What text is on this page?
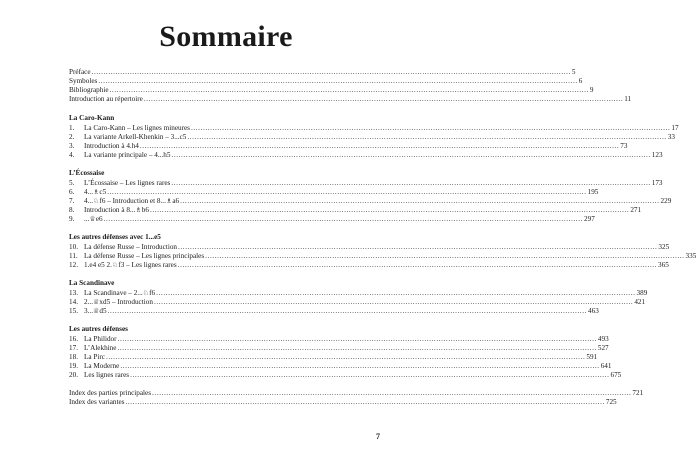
Sommaire
Préface ........................................................................................................................................................................................................ 5
Symboles ........................................................................................................................................................................................................ 6
Bibliographie ........................................................................................................................................................................................................ 9
Introduction au répertoire ........................................................................................................................................................................................................ 11
La Caro-Kann
1.	La Caro-Kann – Les lignes mineures ........................................................................................................................................................................................................ 17
2.	La variante Arkell-Khenkin – 3...c5 ........................................................................................................................................................................................................ 33
3.	Introduction à 4.h4 ........................................................................................................................................................................................................ 73
4.	La variante principale – 4...h5 ........................................................................................................................................................................................................ 123
L’Écossaise
5.	L’Écossaise – Les lignes rares ........................................................................................................................................................................................................ 173
6.	4...♗c5 ........................................................................................................................................................................................................ 195
7.	4...♘f6 – Introduction et 8...♗a6 ........................................................................................................................................................................................................ 229
8.	Introduction à 8...♗b6 ........................................................................................................................................................................................................ 271
9.	...♕e6 ........................................................................................................................................................................................................ 297
Les autres défenses avec 1...e5
10. La défense Russe – Introduction ........................................................................................................................................................................................................ 325
11. La défense Russe – Les lignes principales ........................................................................................................................................................................................................ 335
12. 1.e4 e5 2.♘f3 – Les lignes rares ........................................................................................................................................................................................................ 365
La Scandinave
13. La Scandinave – 2...♘f6 ........................................................................................................................................................................................................ 389
14. 2...♕xd5 – Introduction ........................................................................................................................................................................................................ 421
15. 3...♕d5 ........................................................................................................................................................................................................ 463
Les autres défenses
16. La Philidor ........................................................................................................................................................................................................ 493
17. L’Alekhine ........................................................................................................................................................................................................ 527
18. La Pirc ........................................................................................................................................................................................................ 591
19. La Moderne ........................................................................................................................................................................................................ 641
20. Les lignes rares ........................................................................................................................................................................................................ 675
Index des parties principales ........................................................................................................................................................................................................ 721
Index des variantes ........................................................................................................................................................................................................ 725
7
